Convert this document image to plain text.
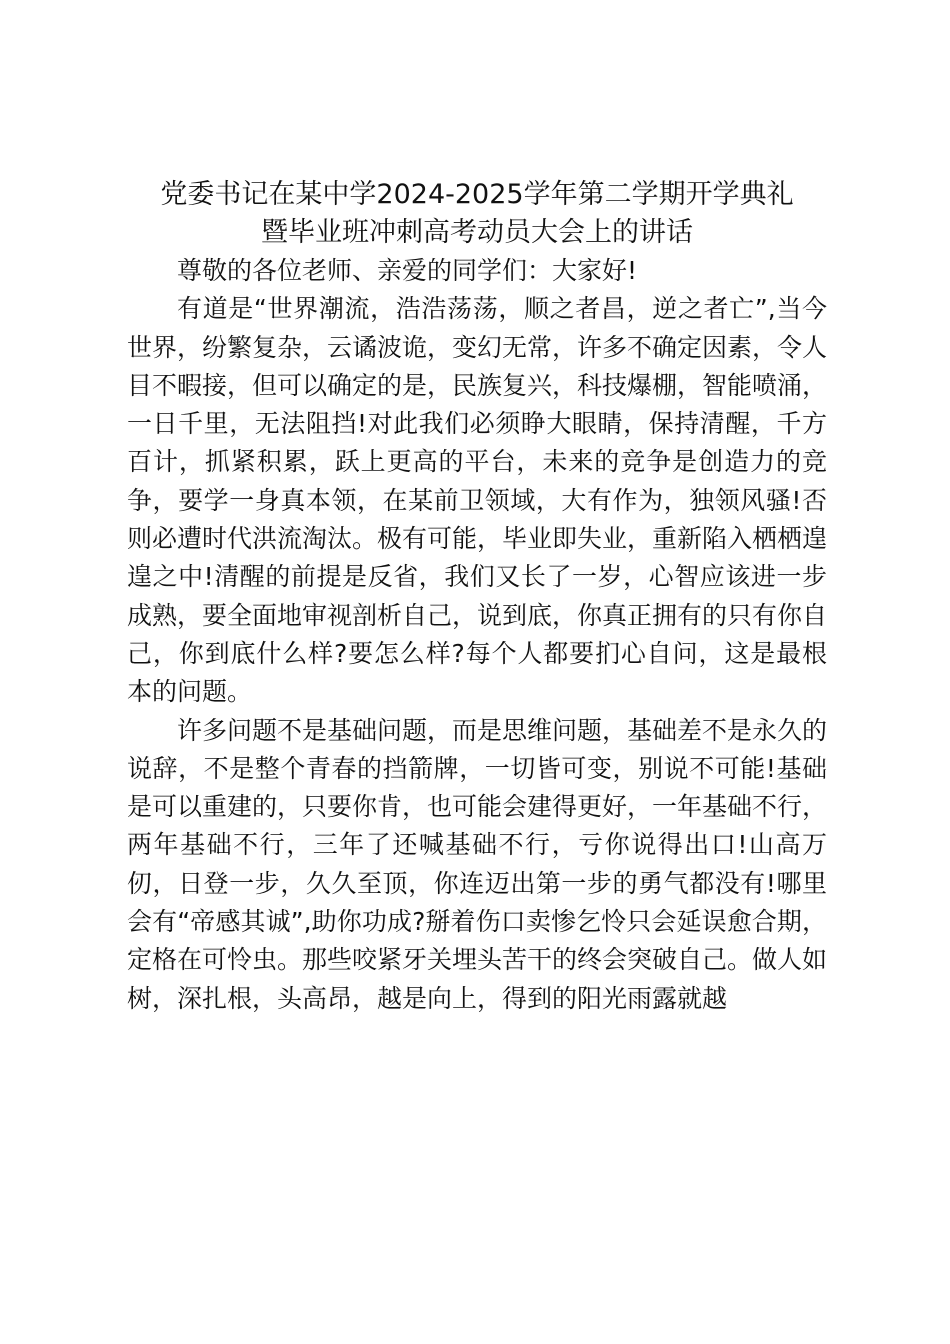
党委书记在某中学2024-2025学年第二学期开学典礼
暨毕业班冲刺高考动员大会上的讲话

尊敬的各位老师、亲爱的同学们：大家好!

有道是“世界潮流，浩浩荡荡，顺之者昌，逆之者亡”,当今世界，纷繁复杂，云谲波诡，变幻无常，许多不确定因素，令人目不暇接，但可以确定的是，民族复兴，科技爆棚，智能喷涌，一日千里，无法阻挡!对此我们必须睁大眼睛，保持清醒，千方百计，抓紧积累，跃上更高的平台，未来的竞争是创造力的竞争，要学一身真本领，在某前卫领域，大有作为，独领风骚!否则必遭时代洪流淘汰。极有可能，毕业即失业，重新陷入栖栖遑遑之中!清醒的前提是反省，我们又长了一岁，心智应该进一步成熟，要全面地审视剖析自己，说到底，你真正拥有的只有你自己，你到底什么样?要怎么样?每个人都要扪心自问，这是最根本的问题。

许多问题不是基础问题，而是思维问题，基础差不是永久的说辞，不是整个青春的挡箭牌，一切皆可变，别说不可能!基础是可以重建的，只要你肯，也可能会建得更好，一年基础不行，两年基础不行，三年了还喊基础不行，亏你说得出口!山高万仞，日登一步，久久至顶，你连迈出第一步的勇气都没有!哪里会有“帝感其诚”,助你功成?掰着伤口卖惨乞怜只会延误愈合期，定格在可怜虫。那些咬紧牙关埋头苦干的终会突破自己。做人如树，深扎根，头高昂，越是向上，得到的阳光雨露就越
